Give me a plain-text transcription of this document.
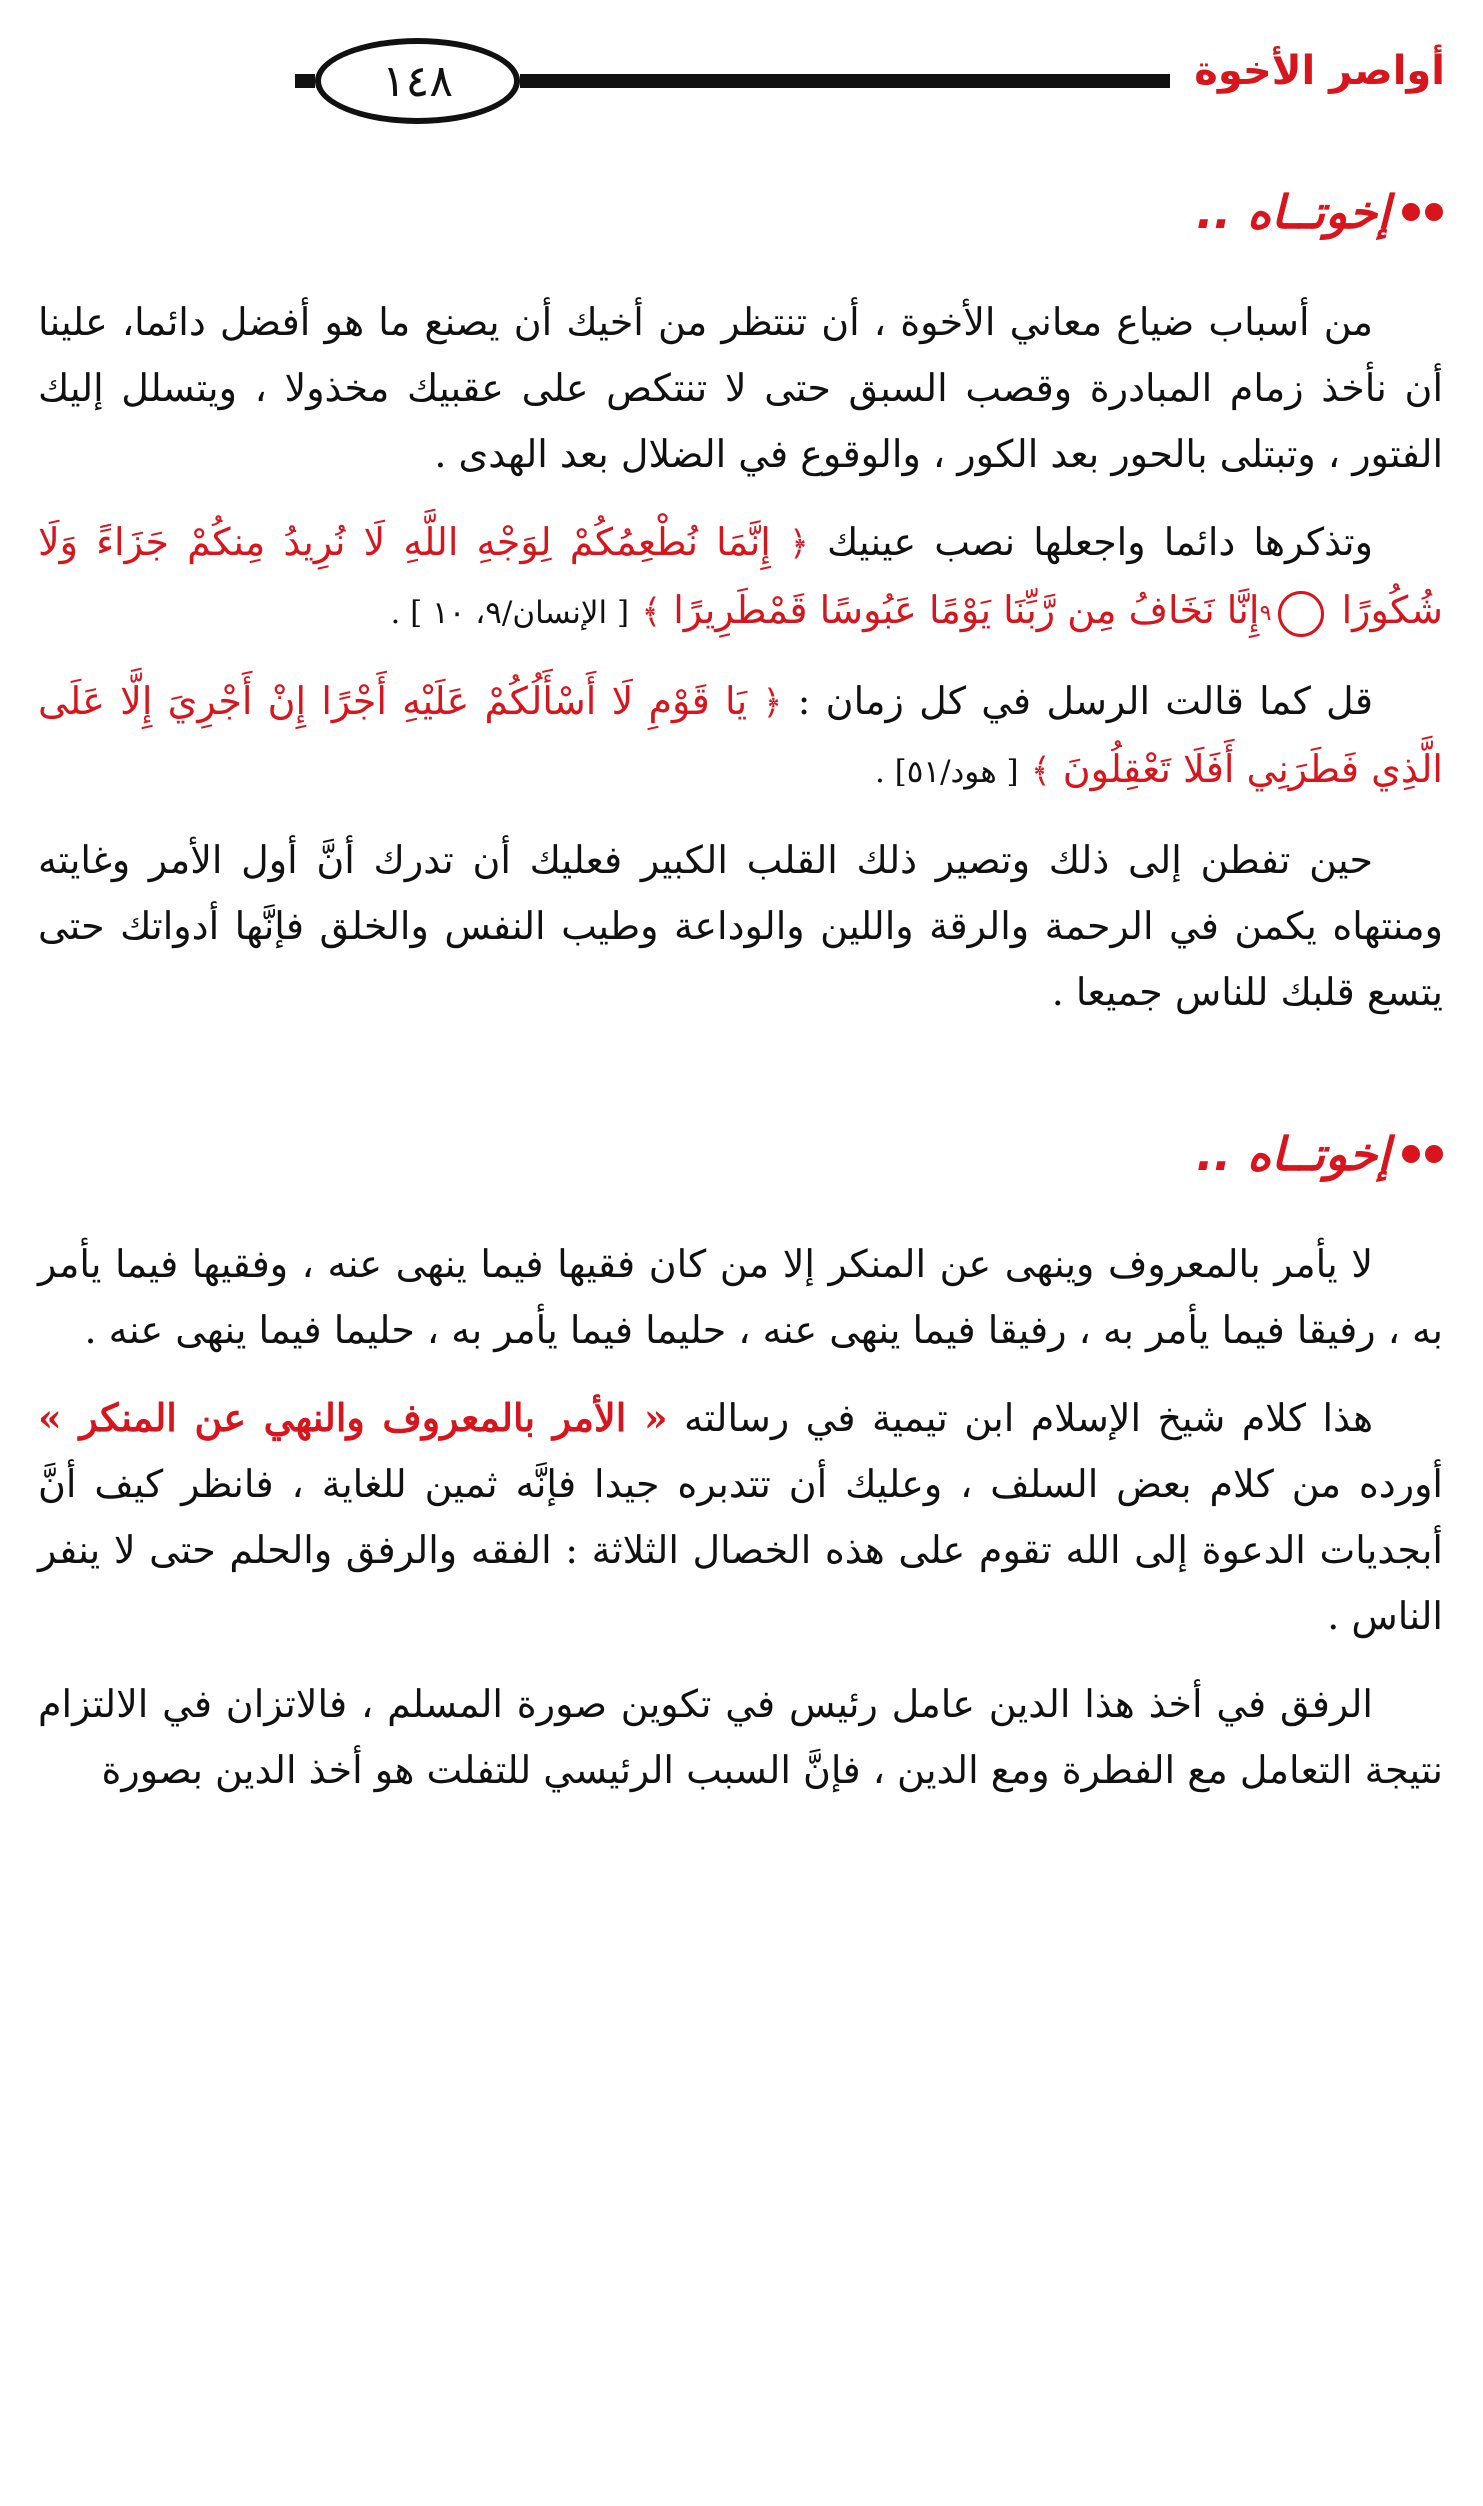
أواصر الأخوة
١٤٨
إخوتــاه ..

من أسباب ضياع معاني الأخوة ، أن تنتظر من أخيك أن يصنع ما هو أفضل دائما، علينا أن نأخذ زمام المبادرة وقصب السبق حتى لا تنتكص على عقبيك مخذولا ، ويتسلل إليك الفتور ، وتبتلى بالحور بعد الكور ، والوقوع في الضلال بعد الهدى .

وتذكرها دائما واجعلها نصب عينيك ﴿ إِنَّمَا نُطْعِمُكُمْ لِوَجْهِ اللَّهِ لَا نُرِيدُ مِنكُمْ جَزَاءً وَلَا شُكُورًا ٩ إِنَّا نَخَافُ مِن رَّبِّنَا يَوْمًا عَبُوسًا قَمْطَرِيرًا ﴾ [ الإنسان/٩، ١٠ ] .

قل كما قالت الرسل في كل زمان : ﴿ يَا قَوْمِ لَا أَسْأَلُكُمْ عَلَيْهِ أَجْرًا إِنْ أَجْرِيَ إِلَّا عَلَى الَّذِي فَطَرَنِي أَفَلَا تَعْقِلُونَ ﴾ [ هود/٥١] .

حين تفطن إلى ذلك وتصير ذلك القلب الكبير فعليك أن تدرك أنَّ أول الأمر وغايته ومنتهاه يكمن في الرحمة والرقة واللين والوداعة وطيب النفس والخلق فإنَّها أدواتك حتى يتسع قلبك للناس جميعا .

إخوتــاه ..

لا يأمر بالمعروف وينهى عن المنكر إلا من كان فقيها فيما ينهى عنه ، وفقيها فيما يأمر به ، رفيقا فيما يأمر به ، رفيقا فيما ينهى عنه ، حليما فيما يأمر به ، حليما فيما ينهى عنه .

هذا كلام شيخ الإسلام ابن تيمية في رسالته « الأمر بالمعروف والنهي عن المنكر » أورده من كلام بعض السلف ، وعليك أن تتدبره جيدا فإنَّه ثمين للغاية ، فانظر كيف أنَّ أبجديات الدعوة إلى الله تقوم على هذه الخصال الثلاثة : الفقه والرفق والحلم حتى لا ينفر الناس .

الرفق في أخذ هذا الدين عامل رئيس في تكوين صورة المسلم ، فالاتزان في الالتزام نتيجة التعامل مع الفطرة ومع الدين ، فإنَّ السبب الرئيسي للتفلت هو أخذ الدين بصورة
